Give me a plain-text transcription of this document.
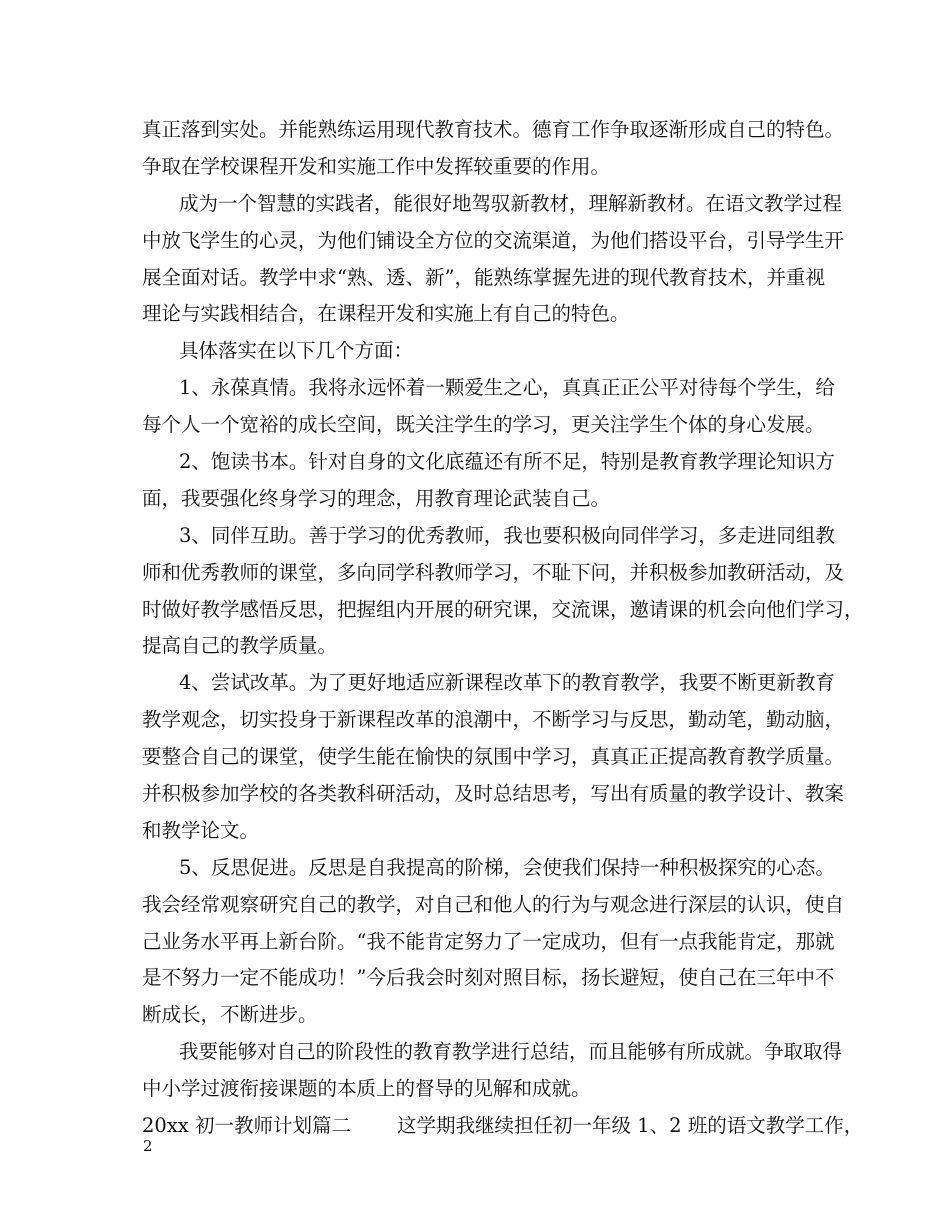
真正落到实处。并能熟练运用现代教育技术。德育工作争取逐渐形成自己的特色。
争取在学校课程开发和实施工作中发挥较重要的作用。
成为一个智慧的实践者，能很好地驾驭新教材，理解新教材。在语文教学过程
中放飞学生的心灵，为他们铺设全方位的交流渠道，为他们搭设平台，引导学生开
展全面对话。教学中求“熟、透、新”，能熟练掌握先进的现代教育技术，并重视
理论与实践相结合，在课程开发和实施上有自己的特色。
具体落实在以下几个方面：
1、永葆真情。我将永远怀着一颗爱生之心，真真正正公平对待每个学生，给
每个人一个宽裕的成长空间，既关注学生的学习，更关注学生个体的身心发展。
2、饱读书本。针对自身的文化底蕴还有所不足，特别是教育教学理论知识方
面，我要强化终身学习的理念，用教育理论武装自己。
3、同伴互助。善于学习的优秀教师，我也要积极向同伴学习，多走进同组教
师和优秀教师的课堂，多向同学科教师学习，不耻下问，并积极参加教研活动，及
时做好教学感悟反思，把握组内开展的研究课，交流课，邀请课的机会向他们学习，
提高自己的教学质量。
4、尝试改革。为了更好地适应新课程改革下的教育教学，我要不断更新教育
教学观念，切实投身于新课程改革的浪潮中，不断学习与反思，勤动笔，勤动脑，
要整合自己的课堂，使学生能在愉快的氛围中学习，真真正正提高教育教学质量。
并积极参加学校的各类教科研活动，及时总结思考，写出有质量的教学设计、教案
和教学论文。
5、反思促进。反思是自我提高的阶梯，会使我们保持一种积极探究的心态。
我会经常观察研究自己的教学，对自己和他人的行为与观念进行深层的认识，使自
己业务水平再上新台阶。“我不能肯定努力了一定成功，但有一点我能肯定，那就
是不努力一定不能成功！”今后我会时刻对照目标，扬长避短，使自己在三年中不
断成长，不断进步。
我要能够对自己的阶段性的教育教学进行总结，而且能够有所成就。争取取得
中小学过渡衔接课题的本质上的督导的见解和成就。
20xx 初一教师计划篇二 这学期我继续担任初一年级 1、2 班的语文教学工作，
2
